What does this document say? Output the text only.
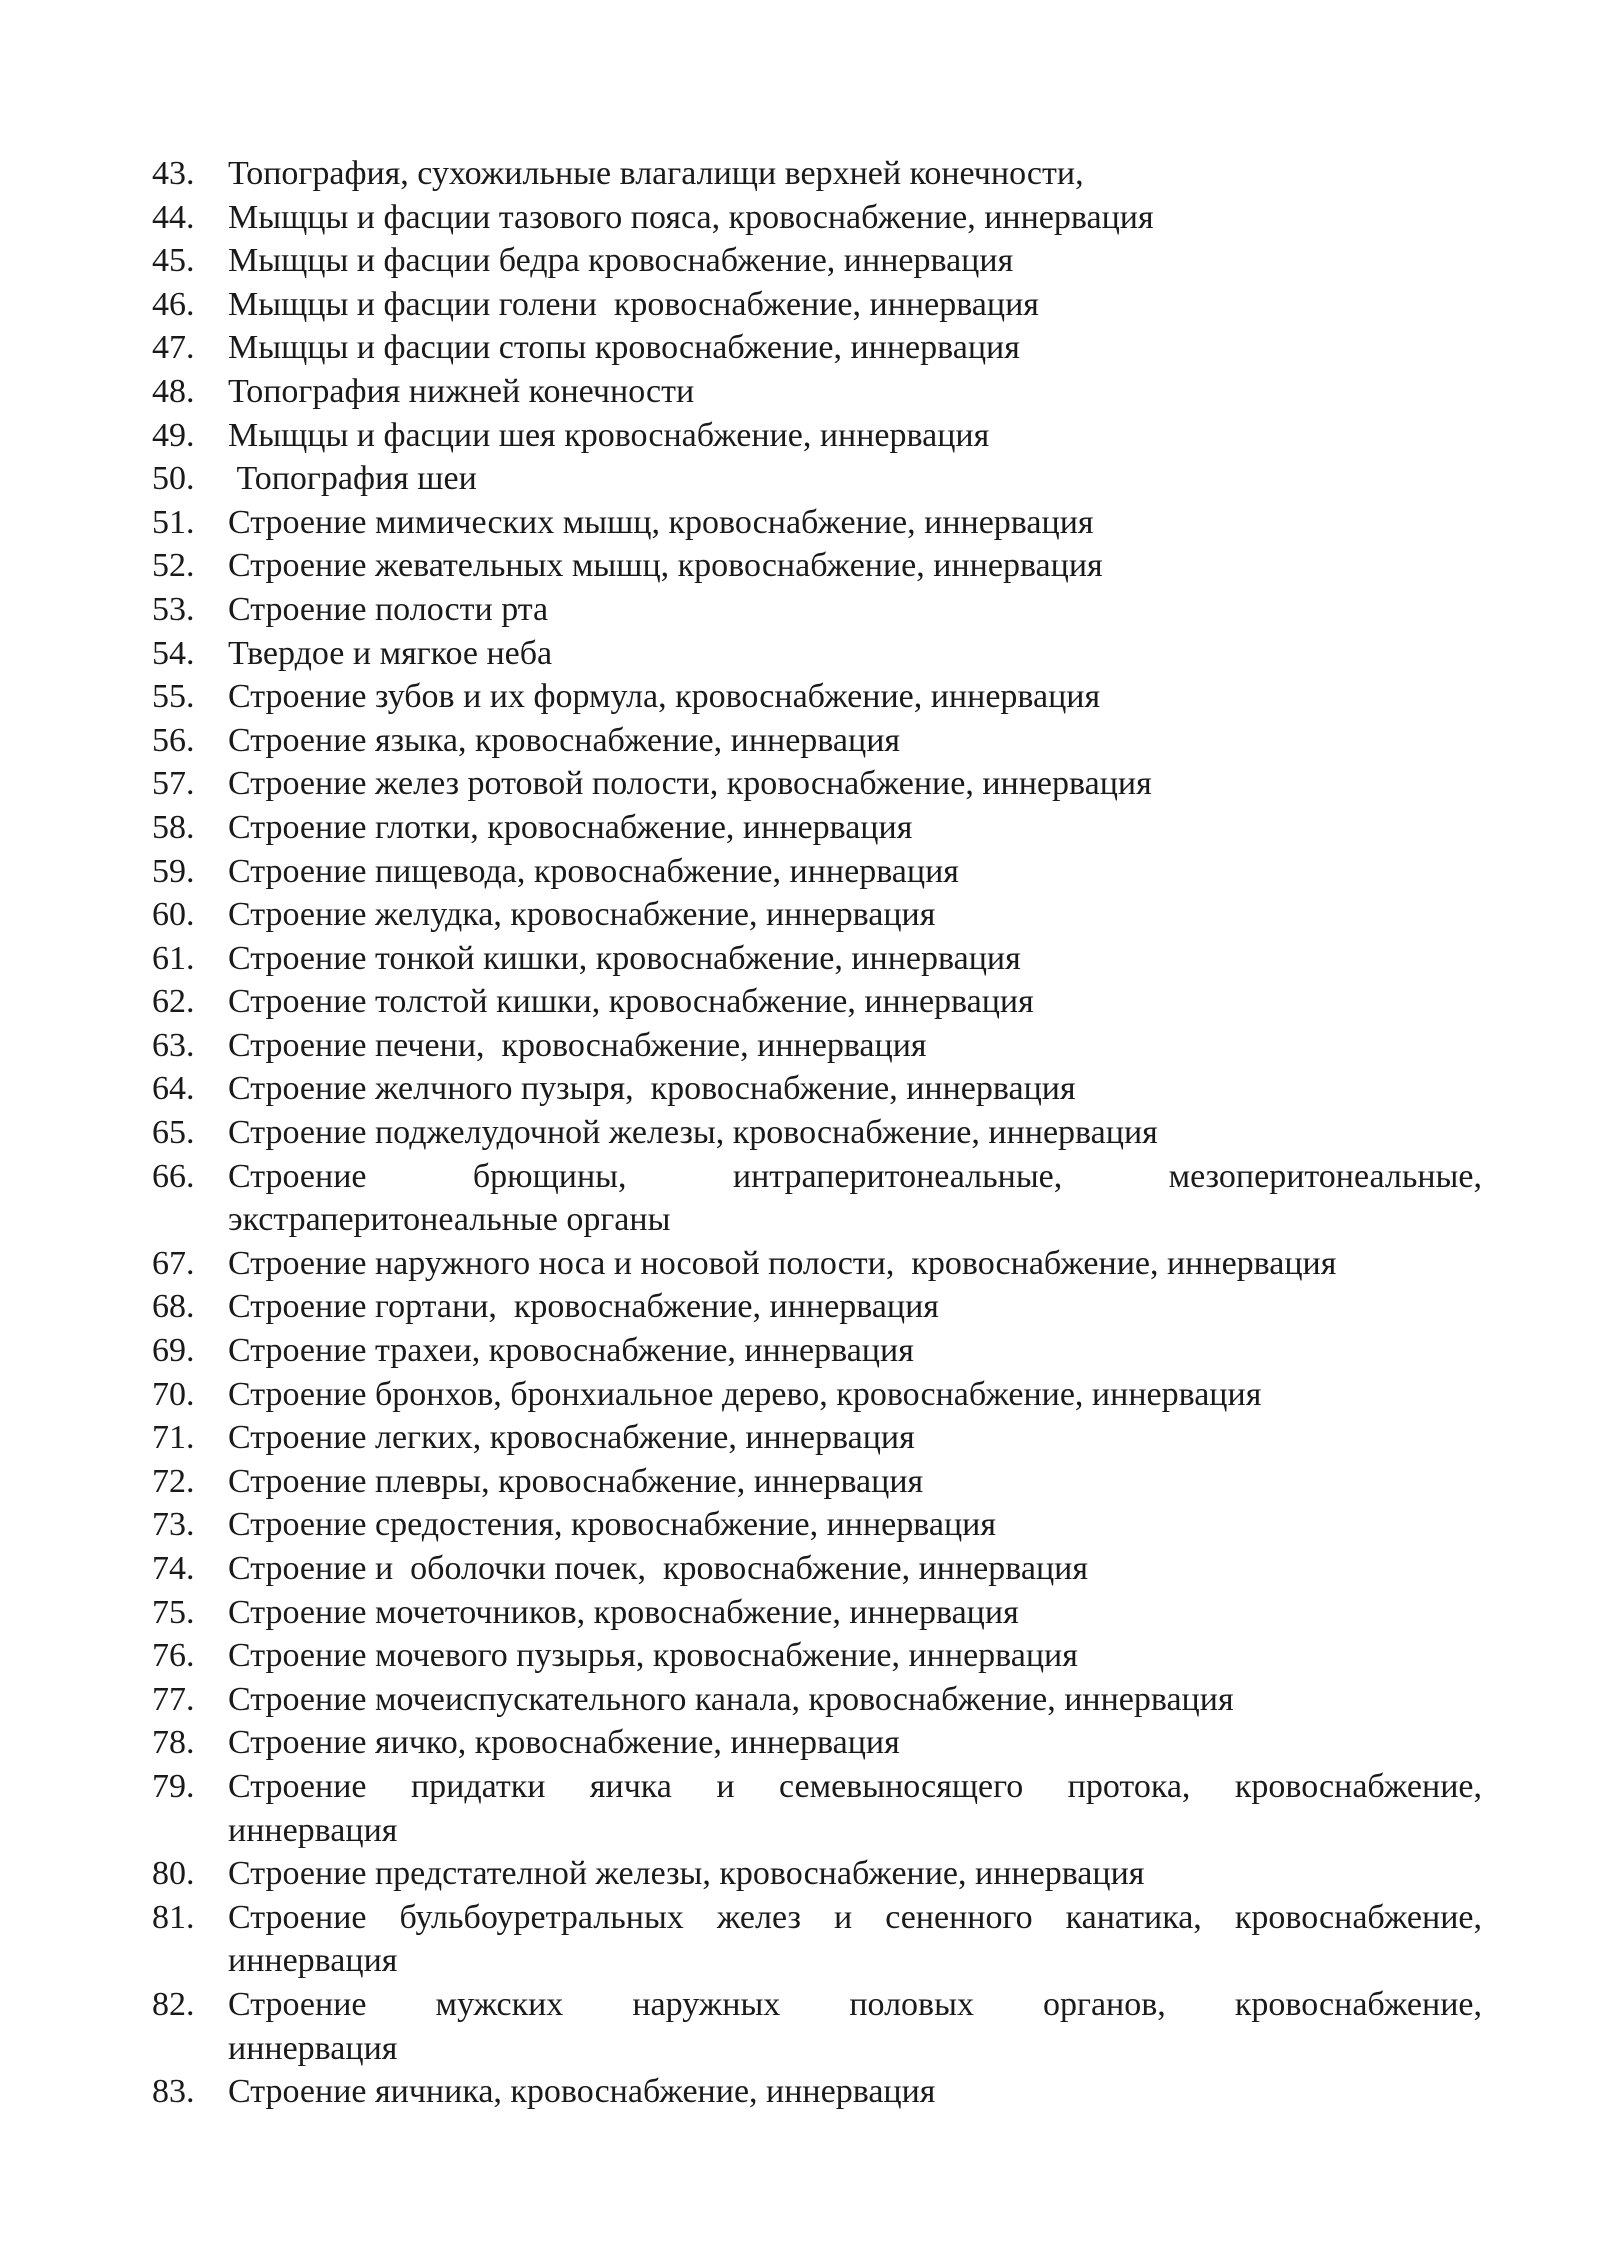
43. Топография, сухожильные влагалищи верхней конечности,
44. Мыщцы и фасции тазового пояса, кровоснабжение, иннервация
45. Мыщцы и фасции бедра кровоснабжение, иннервация
46. Мыщцы и фасции голени  кровоснабжение, иннервация
47. Мыщцы и фасции стопы кровоснабжение, иннервация
48. Топография нижней конечности
49. Мыщцы и фасции шея кровоснабжение, иннервация
50. Топография шеи
51. Строение мимических мышц, кровоснабжение, иннервация
52. Строение жевательных мышц, кровоснабжение, иннервация
53. Строение полости рта
54. Твердое и мягкое неба
55. Строение зубов и их формула, кровоснабжение, иннервация
56. Строение языка, кровоснабжение, иннервация
57. Строение желез ротовой полости, кровоснабжение, иннервация
58. Строение глотки, кровоснабжение, иннервация
59. Строение пищевода, кровоснабжение, иннервация
60. Строение желудка, кровоснабжение, иннервация
61. Строение тонкой кишки, кровоснабжение, иннервация
62. Строение толстой кишки, кровоснабжение, иннервация
63. Строение печени,  кровоснабжение, иннервация
64. Строение желчного пузыря,  кровоснабжение, иннервация
65. Строение поджелудочной железы, кровоснабжение, иннервация
66. Строение брющины, интраперитонеальные, мезоперитонеальные,
экстраперитонеальные органы
67. Строение наружного носа и носовой полости,  кровоснабжение, иннервация
68. Строение гортани,  кровоснабжение, иннервация
69. Строение трахеи, кровоснабжение, иннервация
70. Строение бронхов, бронхиальное дерево, кровоснабжение, иннервация
71. Строение легких, кровоснабжение, иннервация
72. Строение плевры, кровоснабжение, иннервация
73. Строение средостения, кровоснабжение, иннервация
74. Строение и  оболочки почек,  кровоснабжение, иннервация
75. Строение мочеточников, кровоснабжение, иннервация
76. Строение мочевого пузырья, кровоснабжение, иннервация
77. Строение мочеиспускательного канала, кровоснабжение, иннервация
78. Строение яичко, кровоснабжение, иннервация
79. Строение придатки яичка и семевыносящего протока, кровоснабжение,
иннервация
80. Строение предстателной железы, кровоснабжение, иннервация
81. Строение бульбоуретральных желез и сененного канатика, кровоснабжение,
иннервация
82. Строение мужских наружных половых органов, кровоснабжение,
иннервация
83. Строение яичника, кровоснабжение, иннервация
